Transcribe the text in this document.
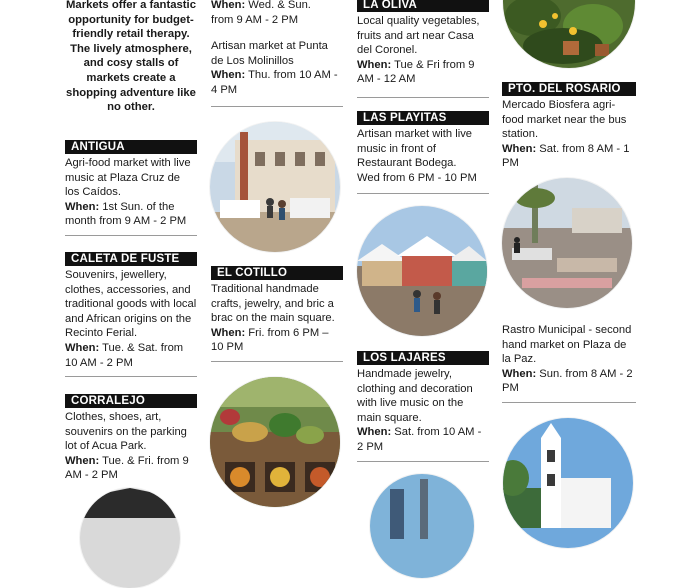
Markets offer a fantastic opportunity for budget-friendly retail therapy. The lively atmosphere, and cosy stalls of markets create a shopping adventure like no other.
ANTIGUA
Agri-food market with live music at Plaza Cruz de los Caídos.
When: 1st Sun. of the month from 9 AM - 2 PM
CALETA DE FUSTE
Souvenirs, jewellery, clothes, accessories, and traditional goods with local and African origins on the Recinto Ferial.
When: Tue. & Sat. from 10 AM - 2 PM
CORRALEJO
Clothes, shoes, art, souvenirs on the parking lot of Acua Park.
When: Tue. & Fri. from 9 AM - 2 PM
When: Wed. & Sun.
from 9 AM - 2 PM
Artisan market at Punta de Los Molinillos
When: Thu. from 10 AM - 4 PM
EL COTILLO
Traditional handmade crafts, jewelry, and bric a brac on the main square.
When: Fri. from 6 PM – 10 PM
LA OLIVA
Local quality vegetables, fruits and art near Casa del Coronel.
When: Tue & Fri from 9 AM - 12 AM
LAS PLAYITAS
Artisan market with live music in front of Restaurant Bodega.
Wed from 6 PM - 10 PM
LOS LAJARES
Handmade jewelry, clothing and decoration with live music on the main square.
When: Sat. from 10 AM - 2 PM
PTO. DEL ROSARIO
Mercado Biosfera agri-food market near the bus station.
When: Sat. from 8 AM - 1 PM
Rastro Municipal - second hand market on Plaza de la Paz.
When: Sun. from 8 AM - 2 PM
